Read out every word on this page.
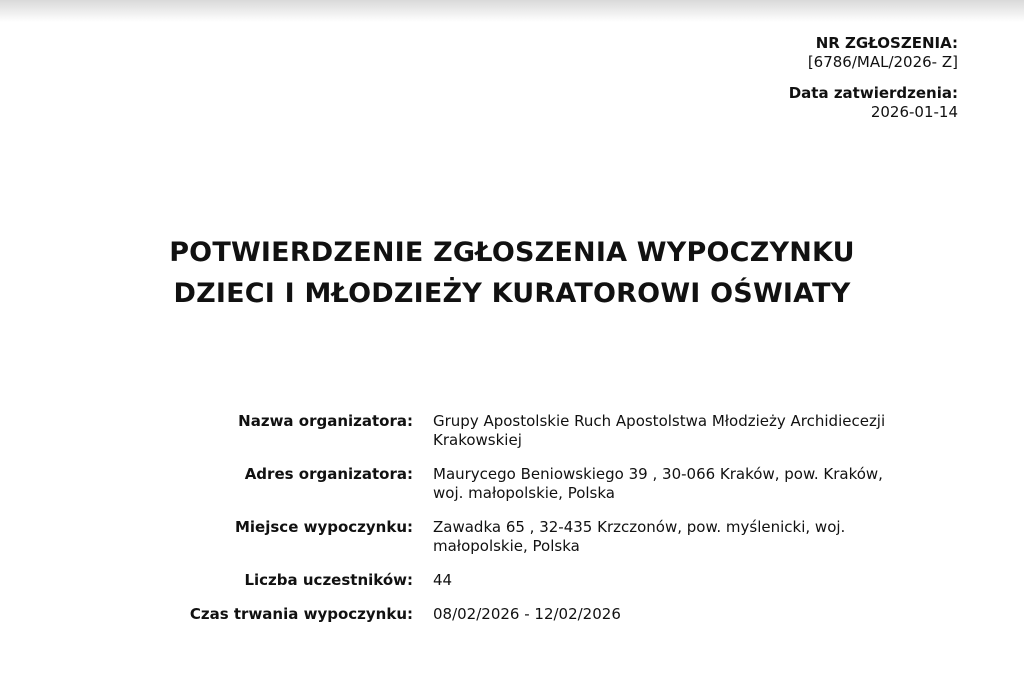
NR ZGŁOSZENIA:
[6786/MAL/2026- Z]
Data zatwierdzenia:
2026-01-14
POTWIERDZENIE ZGŁOSZENIA WYPOCZYNKU
DZIECI I MŁODZIEŻY KURATOROWI OŚWIATY
Nazwa organizatora:	Grupy Apostolskie Ruch Apostolstwa Młodzieży Archidiecezji Krakowskiej
Adres organizatora:	Maurycego Beniowskiego 39 , 30-066 Kraków, pow. Kraków, woj. małopolskie, Polska
Miejsce wypoczynku:	Zawadka 65 , 32-435 Krzczonów, pow. myślenicki, woj. małopolskie, Polska
Liczba uczestników:	44
Czas trwania wypoczynku:	08/02/2026 - 12/02/2026
